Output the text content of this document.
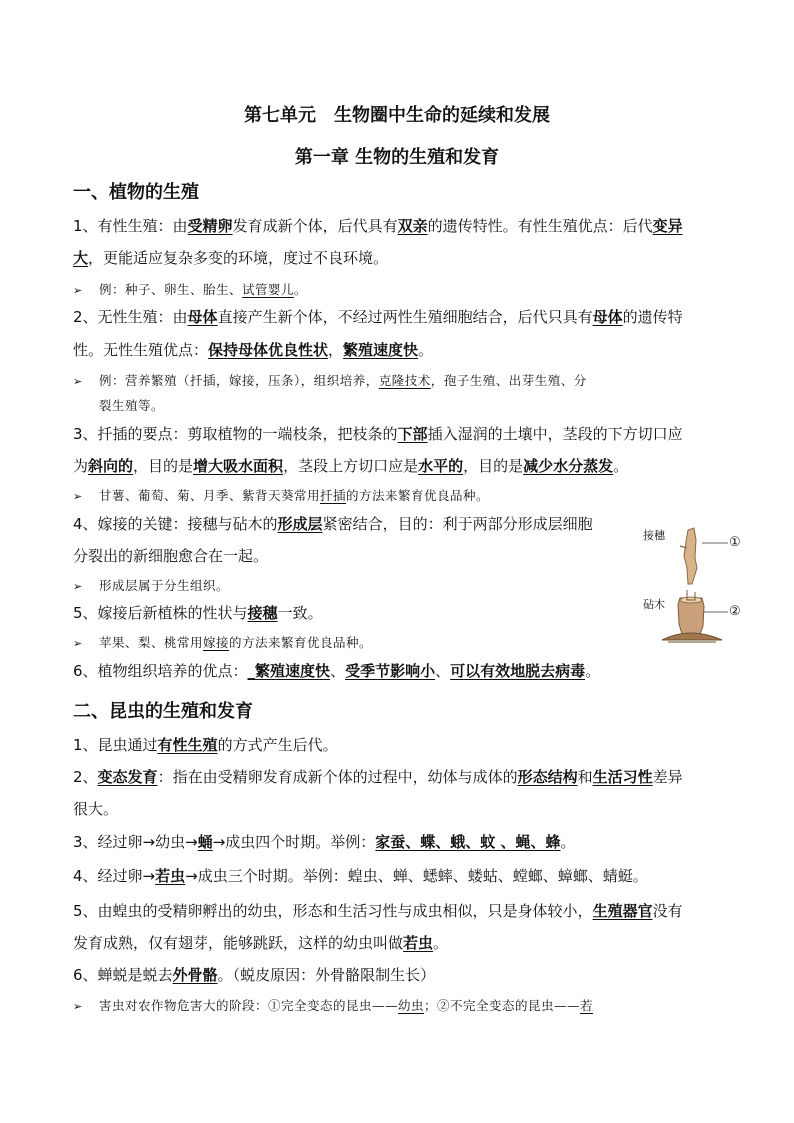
第七单元　生物圈中生命的延续和发展
第一章 生物的生殖和发育
一、植物的生殖
1、有性生殖：由受精卵发育成新个体，后代具有双亲的遗传特性。有性生殖优点：后代变异
大，更能适应复杂多变的环境，度过不良环境。
➢ 例：种子、卵生、胎生、试管婴儿。
2、无性生殖：由母体直接产生新个体，不经过两性生殖细胞结合，后代只具有母体的遗传特
性。无性生殖优点：保持母体优良性状，繁殖速度快。
➢ 例：营养繁殖（扦插，嫁接，压条），组织培养，克隆技术，孢子生殖、出芽生殖、分
裂生殖等。
3、扦插的要点：剪取植物的一端枝条，把枝条的下部插入湿润的土壤中，茎段的下方切口应
为斜向的，目的是增大吸水面积，茎段上方切口应是水平的，目的是减少水分蒸发。
➢ 甘薯、葡萄、菊、月季、紫背天葵常用扦插的方法来繁育优良品种。
4、嫁接的关键：接穗与砧木的形成层紧密结合，目的：利于两部分形成层细胞
分裂出的新细胞愈合在一起。
➢ 形成层属于分生组织。
5、嫁接后新植株的性状与接穗一致。
➢ 苹果、梨、桃常用嫁接的方法来繁育优良品种。
6、植物组织培养的优点：_繁殖速度快、受季节影响小、可以有效地脱去病毒。
接穗
砧木
①
②
二、昆虫的生殖和发育
1、昆虫通过有性生殖的方式产生后代。
2、变态发育：指在由受精卵发育成新个体的过程中，幼体与成体的形态结构和生活习性差异
很大。
3、经过卵→幼虫→蛹→成虫四个时期。举例：家蚕、蝶、蛾、蚊 、蝇、蜂。
4、经过卵→若虫→成虫三个时期。举例：蝗虫、蝉、蟋蟀、蝼蛄、螳螂、蟑螂、蜻蜓。
5、由蝗虫的受精卵孵出的幼虫，形态和生活习性与成虫相似，只是身体较小，生殖器官没有
发育成熟，仅有翅芽，能够跳跃，这样的幼虫叫做若虫。
6、蝉蜕是蜕去外骨骼。（蜕皮原因：外骨骼限制生长）
➢ 害虫对农作物危害大的阶段：①完全变态的昆虫——幼虫；②不完全变态的昆虫——若
